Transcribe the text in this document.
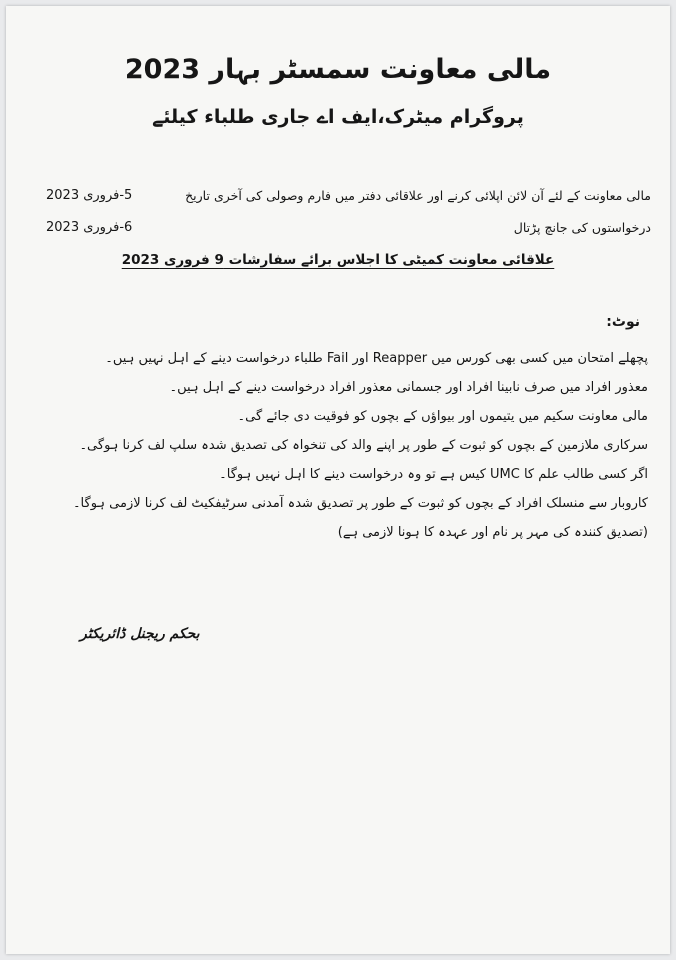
مالی معاونت سمسٹر بہار 2023
پروگرام میٹرک،ایف اے جاری طلباء کیلئے
مالی معاونت کے لئے آن لائن اپلائی کرنے اور علاقائی دفتر میں فارم وصولی کی آخری تاریخ
5-فروری 2023
درخواستوں کی جانچ پڑتال
6-فروری 2023
علاقائی معاونت کمیٹی کا اجلاس برائے سفارشات 9 فروری 2023
نوٹ:
پچھلے امتحان میں کسی بھی کورس میں Reapper اور Fail طلباء درخواست دینے کے اہل نہیں ہیں۔
معذور افراد میں صرف نابینا افراد اور جسمانی معذور افراد درخواست دینے کے اہل ہیں۔
مالی معاونت سکیم میں یتیموں اور بیواؤں کے بچوں کو فوقیت دی جائے گی۔
سرکاری ملازمین کے بچوں کو ثبوت کے طور پر اپنے والد کی تنخواہ کی تصدیق شدہ سلپ لف کرنا ہوگی۔
اگر کسی طالب علم کا UMC کیس ہے تو وہ درخواست دینے کا اہل نہیں ہوگا۔
کاروبار سے منسلک افراد کے بچوں کو ثبوت کے طور پر تصدیق شدہ آمدنی سرٹیفکیٹ لف کرنا لازمی ہوگا۔
(تصدیق کنندہ کی مہر پر نام اور عہدہ کا ہونا لازمی ہے)
بحکم ریجنل ڈائریکٹر
